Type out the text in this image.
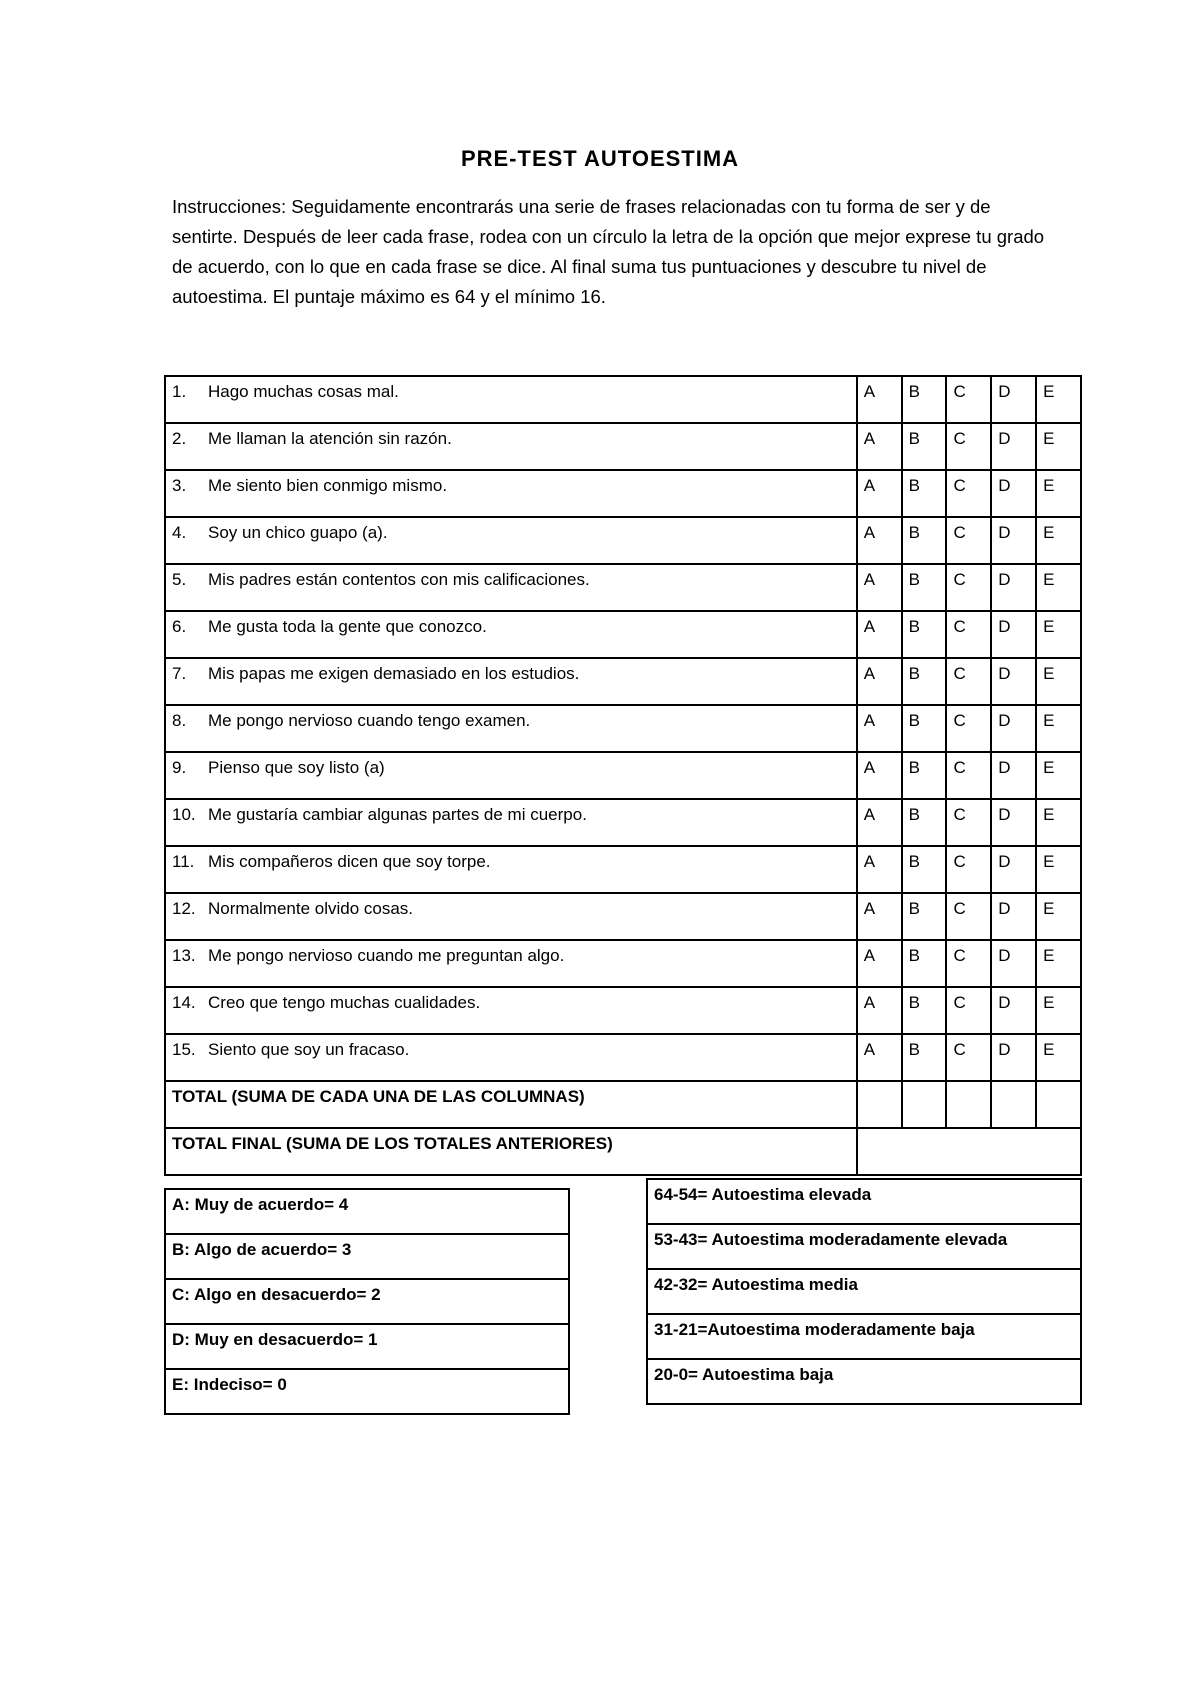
PRE-TEST AUTOESTIMA
Instrucciones: Seguidamente encontrarás una serie de frases relacionadas con tu forma de ser y de sentirte. Después de leer cada frase, rodea con un círculo la letra de la opción que mejor exprese tu grado de acuerdo, con lo que en cada frase se dice. Al final suma tus puntuaciones y descubre tu nivel de autoestima. El puntaje máximo es 64 y el mínimo 16.
1. Hago muchas cosas mal.	A	B	C	D	E
2. Me llaman la atención sin razón.	A	B	C	D	E
3. Me siento bien conmigo mismo.	A	B	C	D	E
4. Soy un chico guapo (a).	A	B	C	D	E
5. Mis padres están contentos con mis calificaciones.	A	B	C	D	E
6. Me gusta toda la gente que conozco.	A	B	C	D	E
7. Mis papas me exigen demasiado en los estudios.	A	B	C	D	E
8. Me pongo nervioso cuando tengo examen.	A	B	C	D	E
9. Pienso que soy listo (a)	A	B	C	D	E
10. Me gustaría cambiar algunas partes de mi cuerpo.	A	B	C	D	E
11. Mis compañeros dicen que soy torpe.	A	B	C	D	E
12. Normalmente olvido cosas.	A	B	C	D	E
13. Me pongo nervioso cuando me preguntan algo.	A	B	C	D	E
14. Creo que tengo muchas cualidades.	A	B	C	D	E
15. Siento que soy un fracaso.	A	B	C	D	E
TOTAL (SUMA DE CADA UNA DE LAS COLUMNAS)					
TOTAL FINAL (SUMA DE LOS TOTALES ANTERIORES)					
A: Muy de acuerdo= 4
B: Algo de acuerdo= 3
C: Algo en desacuerdo= 2
D: Muy en desacuerdo= 1
E: Indeciso= 0
64-54= Autoestima elevada
53-43= Autoestima moderadamente elevada
42-32= Autoestima media
31-21=Autoestima moderadamente baja
20-0= Autoestima baja
